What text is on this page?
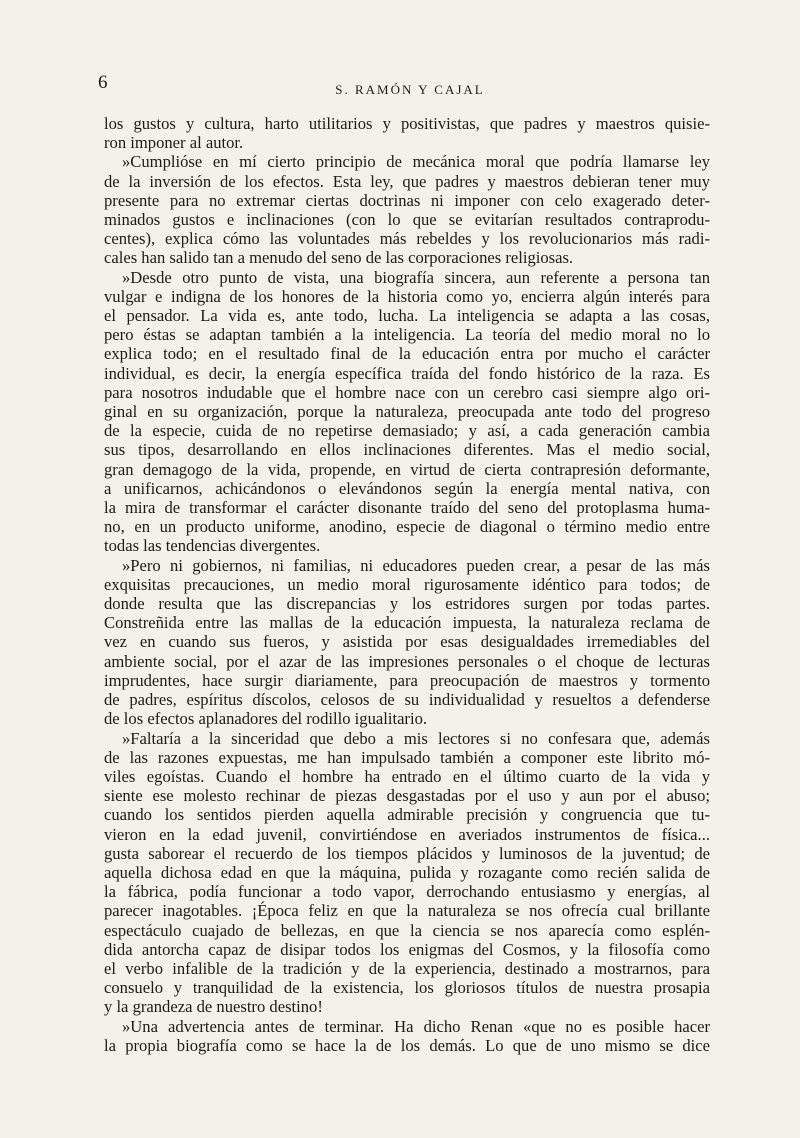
6	S. RAMÓN Y CAJAL
los gustos y cultura, harto utilitarios y positivistas, que padres y maestros quisie-
ron imponer al autor.
»Cumplióse en mí cierto principio de mecánica moral que podría llamarse ley
de la inversión de los efectos. Esta ley, que padres y maestros debieran tener muy
presente para no extremar ciertas doctrinas ni imponer con celo exagerado deter-
minados gustos e inclinaciones (con lo que se evitarían resultados contraprodu-
centes), explica cómo las voluntades más rebeldes y los revolucionarios más radi-
cales han salido tan a menudo del seno de las corporaciones religiosas.
»Desde otro punto de vista, una biografía sincera, aun referente a persona tan
vulgar e indigna de los honores de la historia como yo, encierra algún interés para
el pensador. La vida es, ante todo, lucha. La inteligencia se adapta a las cosas,
pero éstas se adaptan también a la inteligencia. La teoría del medio moral no lo
explica todo; en el resultado final de la educación entra por mucho el carácter
individual, es decir, la energía específica traída del fondo histórico de la raza. Es
para nosotros indudable que el hombre nace con un cerebro casi siempre algo ori-
ginal en su organización, porque la naturaleza, preocupada ante todo del progreso
de la especie, cuida de no repetirse demasiado; y así, a cada generación cambia
sus tipos, desarrollando en ellos inclinaciones diferentes. Mas el medio social,
gran demagogo de la vida, propende, en virtud de cierta contrapresión deformante,
a unificarnos, achicándonos o elevándonos según la energía mental nativa, con
la mira de transformar el carácter disonante traído del seno del protoplasma huma-
no, en un producto uniforme, anodino, especie de diagonal o término medio entre
todas las tendencias divergentes.
»Pero ni gobiernos, ni familias, ni educadores pueden crear, a pesar de las más
exquisitas precauciones, un medio moral rigurosamente idéntico para todos; de
donde resulta que las discrepancias y los estridores surgen por todas partes.
Constreñida entre las mallas de la educación impuesta, la naturaleza reclama de
vez en cuando sus fueros, y asistida por esas desigualdades irremediables del
ambiente social, por el azar de las impresiones personales o el choque de lecturas
imprudentes, hace surgir diariamente, para preocupación de maestros y tormento
de padres, espíritus díscolos, celosos de su individualidad y resueltos a defenderse
de los efectos aplanadores del rodillo igualitario.
»Faltaría a la sinceridad que debo a mis lectores si no confesara que, además
de las razones expuestas, me han impulsado también a componer este librito mó-
viles egoístas. Cuando el hombre ha entrado en el último cuarto de la vida y
siente ese molesto rechinar de piezas desgastadas por el uso y aun por el abuso;
cuando los sentidos pierden aquella admirable precisión y congruencia que tu-
vieron en la edad juvenil, convirtiéndose en averiados instrumentos de física...
gusta saborear el recuerdo de los tiempos plácidos y luminosos de la juventud; de
aquella dichosa edad en que la máquina, pulida y rozagante como recién salida de
la fábrica, podía funcionar a todo vapor, derrochando entusiasmo y energías, al
parecer inagotables. ¡Época feliz en que la naturaleza se nos ofrecía cual brillante
espectáculo cuajado de bellezas, en que la ciencia se nos aparecía como esplén-
dida antorcha capaz de disipar todos los enigmas del Cosmos, y la filosofía como
el verbo infalible de la tradición y de la experiencia, destinado a mostrarnos, para
consuelo y tranquilidad de la existencia, los gloriosos títulos de nuestra prosapia
y la grandeza de nuestro destino!
»Una advertencia antes de terminar. Ha dicho Renan «que no es posible hacer
la propia biografía como se hace la de los demás. Lo que de uno mismo se dice
